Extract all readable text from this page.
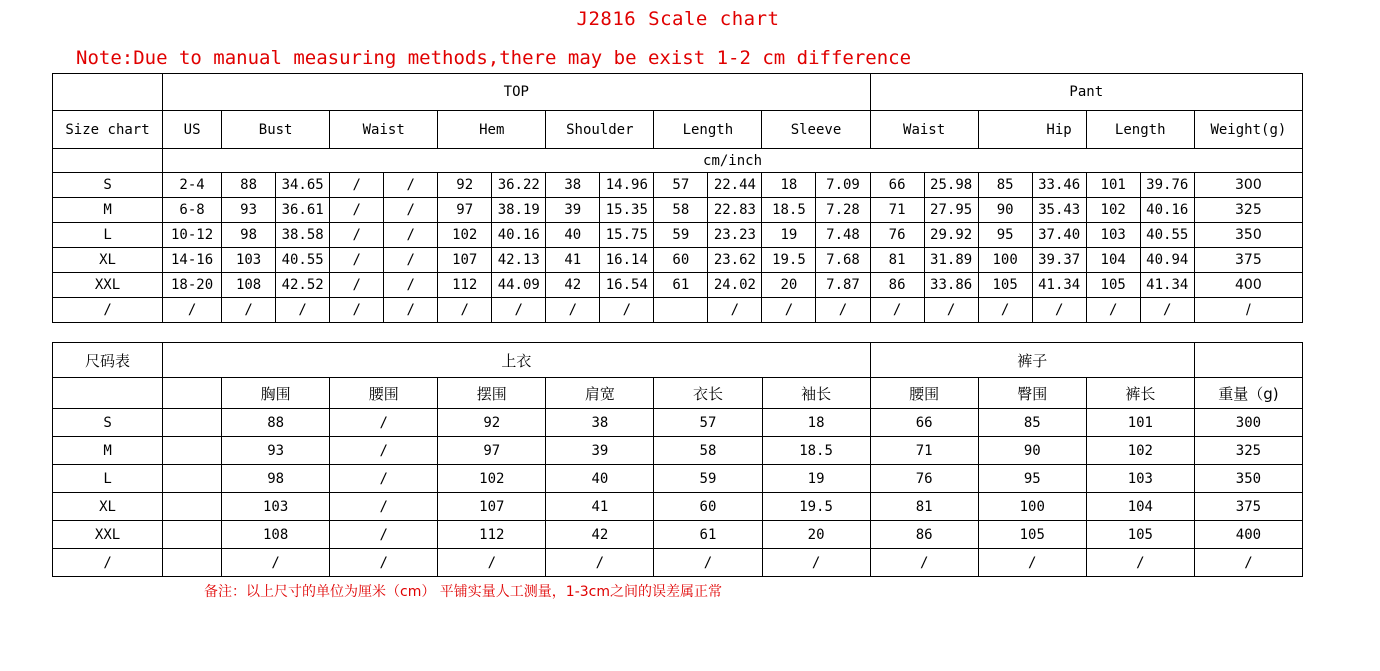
J2816 Scale chart
Note:Due to manual measuring methods,there may be exist 1-2 cm difference
	TOP													Pant						
Size chart	US	Bust		Waist		Hem		Shoulder		Length		Sleeve		Waist		Hip		Length		Weight(g)
	cm/inch																			
S	2-4	88	34.65	/	/	92	36.22	38	14.96	57	22.44	18	7.09	66	25.98	85	33.46	101	39.76	300
M	6-8	93	36.61	/	/	97	38.19	39	15.35	58	22.83	18.5	7.28	71	27.95	90	35.43	102	40.16	325
L	10-12	98	38.58	/	/	102	40.16	40	15.75	59	23.23	19	7.48	76	29.92	95	37.40	103	40.55	350
XL	14-16	103	40.55	/	/	107	42.13	41	16.14	60	23.62	19.5	7.68	81	31.89	100	39.37	104	40.94	375
XXL	18-20	108	42.52	/	/	112	44.09	42	16.54	61	24.02	20	7.87	86	33.86	105	41.34	105	41.34	400
/	/	/	/	/	/	/	/	/	/		/	/	/	/	/	/	/	/	/	/
尺码表	上衣							裤子			
		胸围	腰围	摆围	肩宽	衣长	袖长	腰围	臀围	裤长	重量（g)
S		88	/	92	38	57	18	66	85	101	300
M		93	/	97	39	58	18.5	71	90	102	325
L		98	/	102	40	59	19	76	95	103	350
XL		103	/	107	41	60	19.5	81	100	104	375
XXL		108	/	112	42	61	20	86	105	105	400
/		/	/	/	/	/	/	/	/	/	/
备注：以上尺寸的单位为厘米（cm） 平铺实量人工测量，1-3cm之间的误差属正常
